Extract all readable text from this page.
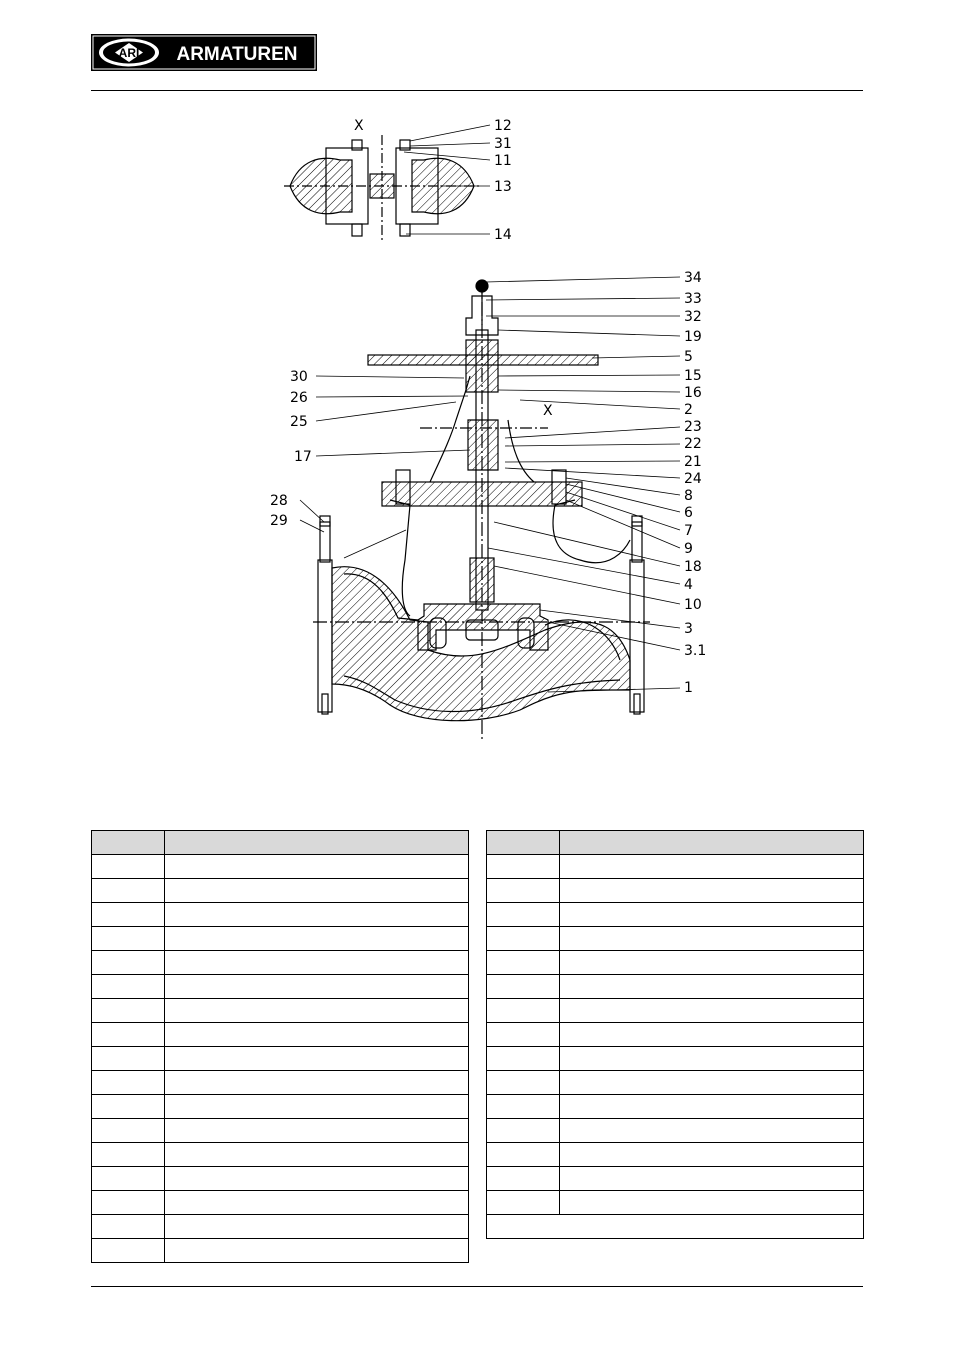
ARI ARMATUREN
X	12
31
11
13
14
34
33
32
19
5
15
16
2
23
22
21
24
8
6
7
9
18
4
10
3
3.1
1
X
30
26
25
17
28
29
